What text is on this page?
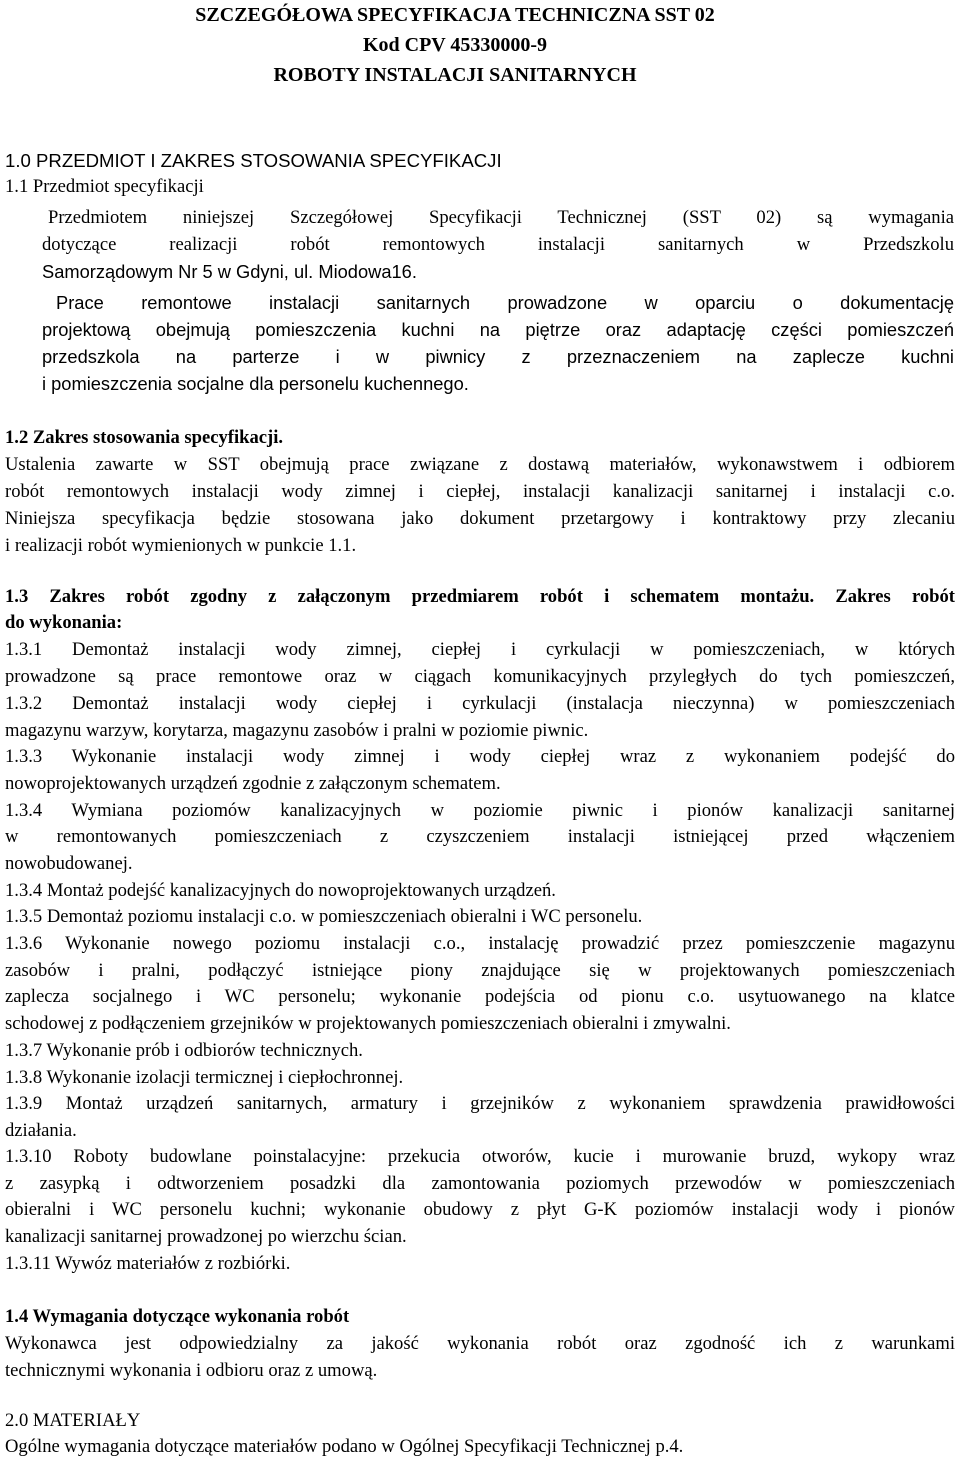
SZCZEGÓŁOWA SPECYFIKACJA TECHNICZNA SST 02
Kod CPV 45330000-9
ROBOTY INSTALACJI SANITARNYCH
1.0 PRZEDMIOT I ZAKRES STOSOWANIA SPECYFIKACJI
1.1 Przedmiot specyfikacji
Przedmiotem niniejszej Szczegółowej Specyfikacji Technicznej (SST 02) są wymagania
dotyczące realizacji robót remontowych instalacji sanitarnych w Przedszkolu
Samorządowym Nr 5 w Gdyni, ul. Miodowa16.
Prace remontowe instalacji sanitarnych prowadzone w oparciu o dokumentację
projektową obejmują pomieszczenia kuchni na piętrze oraz adaptację części pomieszczeń
przedszkola na parterze i w piwnicy z przeznaczeniem na zaplecze kuchni
i pomieszczenia socjalne dla personelu kuchennego.
1.2 Zakres stosowania specyfikacji.
Ustalenia zawarte w SST obejmują prace związane z dostawą materiałów, wykonawstwem i odbiorem
robót remontowych instalacji wody zimnej i ciepłej, instalacji kanalizacji sanitarnej i instalacji c.o.
Niniejsza specyfikacja będzie stosowana jako dokument przetargowy i kontraktowy przy zlecaniu
i realizacji robót wymienionych w punkcie 1.1.
1.3 Zakres robót zgodny z załączonym przedmiarem robót i schematem montażu. Zakres robót
do wykonania:
1.3.1 Demontaż instalacji wody zimnej, ciepłej i cyrkulacji w pomieszczeniach, w których
prowadzone są prace remontowe oraz w ciągach komunikacyjnych przyległych do tych pomieszczeń,
1.3.2 Demontaż instalacji wody ciepłej i cyrkulacji (instalacja nieczynna) w pomieszczeniach
magazynu warzyw, korytarza, magazynu zasobów i pralni w poziomie piwnic.
1.3.3 Wykonanie instalacji wody zimnej i wody ciepłej wraz z wykonaniem podejść do
nowoprojektowanych urządzeń zgodnie z załączonym schematem.
1.3.4 Wymiana poziomów kanalizacyjnych w poziomie piwnic i pionów kanalizacji sanitarnej
w remontowanych pomieszczeniach z czyszczeniem instalacji istniejącej przed włączeniem
nowobudowanej.
1.3.4 Montaż podejść kanalizacyjnych do nowoprojektowanych urządzeń.
1.3.5 Demontaż poziomu instalacji c.o. w pomieszczeniach obieralni i WC personelu.
1.3.6 Wykonanie nowego poziomu instalacji c.o., instalację prowadzić przez pomieszczenie magazynu
zasobów i pralni, podłączyć istniejące piony znajdujące się w projektowanych pomieszczeniach
zaplecza socjalnego i WC personelu; wykonanie podejścia od pionu c.o. usytuowanego na klatce
schodowej z podłączeniem grzejników w projektowanych pomieszczeniach obieralni i zmywalni.
1.3.7 Wykonanie prób i odbiorów technicznych.
1.3.8 Wykonanie izolacji termicznej i ciepłochronnej.
1.3.9 Montaż urządzeń sanitarnych, armatury i grzejników z wykonaniem sprawdzenia prawidłowości
działania.
1.3.10 Roboty budowlane poinstalacyjne: przekucia otworów, kucie i murowanie bruzd, wykopy wraz
z zasypką i odtworzeniem posadzki dla zamontowania poziomych przewodów w pomieszczeniach
obieralni i WC personelu kuchni; wykonanie obudowy z płyt G-K poziomów instalacji wody i pionów
kanalizacji sanitarnej prowadzonej po wierzchu ścian.
1.3.11 Wywóz materiałów z rozbiórki.
1.4 Wymagania dotyczące wykonania robót
Wykonawca jest odpowiedzialny za jakość wykonania robót oraz zgodność ich z warunkami
technicznymi wykonania i odbioru oraz z umową.
2.0 MATERIAŁY
Ogólne wymagania dotyczące materiałów podano w Ogólnej Specyfikacji Technicznej p.4.
